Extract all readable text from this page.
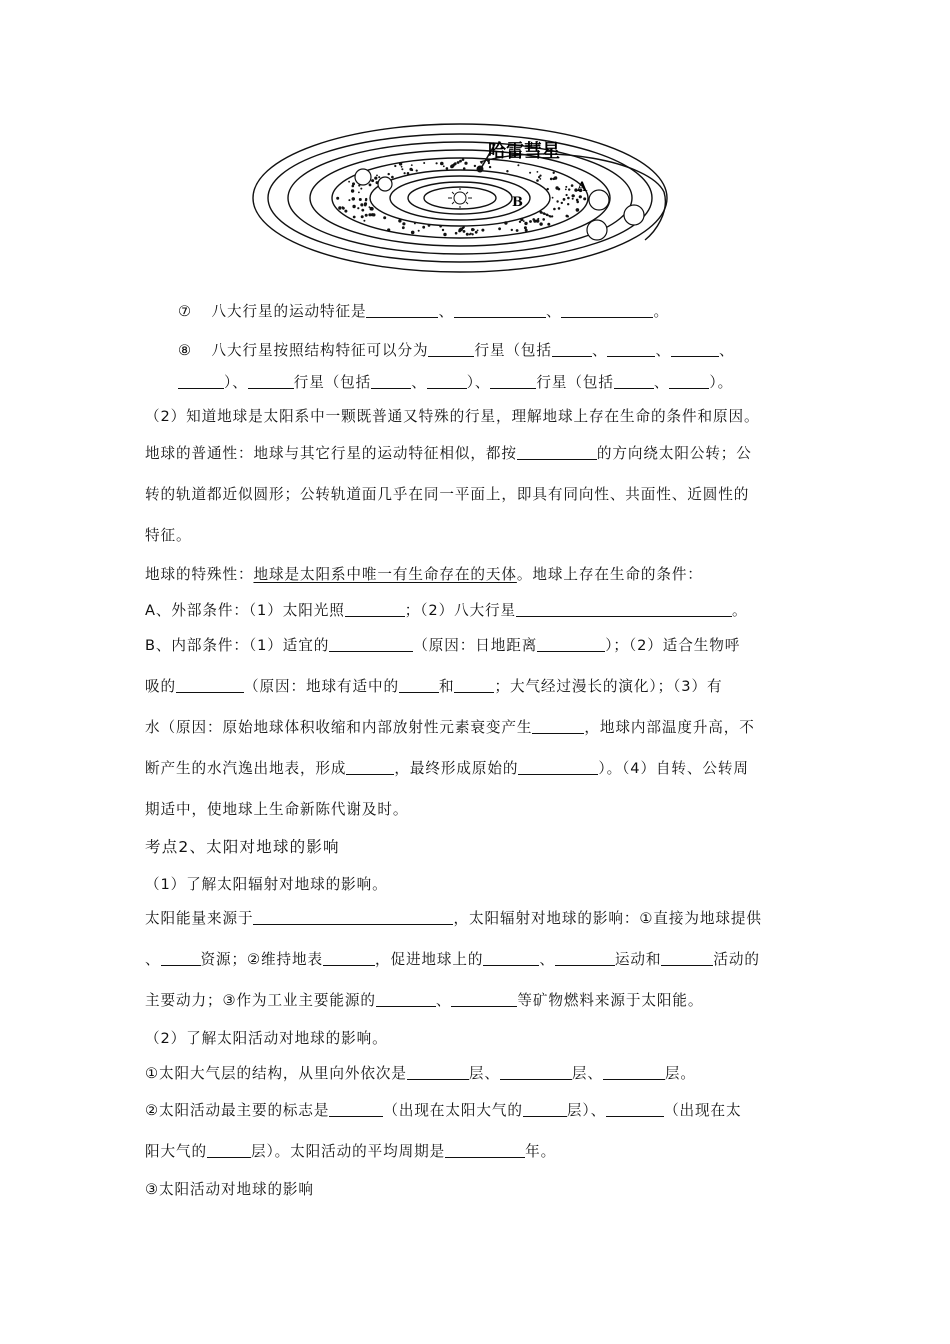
哈雷彗星
A
B
⑦ 八大行星的运动特征是	、	、	。
⑧ 八大行星按照结构特征可以分为	行星（包括	、	、	、
）、	行星（包括	、	）、	行星（包括	、	）。
（2）知道地球是太阳系中一颗既普通又特殊的行星，理解地球上存在生命的条件和原因。
地球的普通性：地球与其它行星的运动特征相似，都按	的方向绕太阳公转；公
转的轨道都近似圆形；公转轨道面几乎在同一平面上，即具有同向性、共面性、近圆性的
特征。
地球的特殊性：地球是太阳系中唯一有生命存在的天体。地球上存在生命的条件：
A、外部条件：（1）太阳光照	；（2）八大行星	。
B、内部条件：（1）适宜的	（原因：日地距离	）；（2）适合生物呼
吸的	（原因：地球有适中的	和	；大气经过漫长的演化）；（3）有
水（原因：原始地球体积收缩和内部放射性元素衰变产生	，地球内部温度升高，不
断产生的水汽逸出地表，形成	，最终形成原始的	）。（4）自转、公转周
期适中，使地球上生命新陈代谢及时。
考点2、太阳对地球的影响
（1）了解太阳辐射对地球的影响。
太阳能量来源于	，太阳辐射对地球的影响：①直接为地球提供
、	资源；②维持地表	，促进地球上的	、	运动和	活动的
主要动力；③作为工业主要能源的	、	等矿物燃料来源于太阳能。
（2）了解太阳活动对地球的影响。
①太阳大气层的结构，从里向外依次是	层、	层、	层。
②太阳活动最主要的标志是	（出现在太阳大气的	层）、	（出现在太
阳大气的	层）。太阳活动的平均周期是	年。
③太阳活动对地球的影响
